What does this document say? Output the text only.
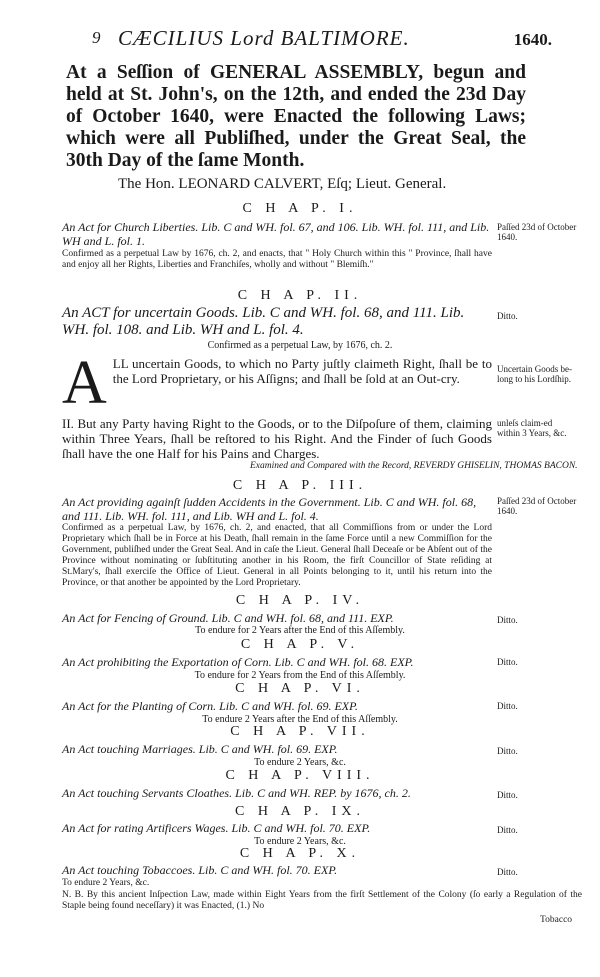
9 CÆCILIUS Lord BALTIMORE.	1640.
At a Seſſion of GENERAL ASSEMBLY, begun and held at St. John's, on the 12th, and ended the 23d Day of October 1640, were Enacted the following Laws; which were all Publiſhed, under the Great Seal, the 30th Day of the ſame Month.
The Hon. LEONARD CALVERT, Eſq; Lieut. General.
C H A P. I.
An Act for Church Liberties. Lib. C and WH. fol. 67, and 106. Lib. WH. fol. 111, and Lib. WH and L. fol. 1.
Paſſed 23d of October 1640.
Confirmed as a perpetual Law by 1676, ch. 2, and enacts, that " Holy Church within this " Province, ſhall have and enjoy all her Rights, Liberties and Franchiſes, wholly and without " Blemiſh."
C H A P. II.
An ACT for uncertain Goods. Lib. C and WH. fol. 68, and 111. Lib. WH. fol. 108. and Lib. WH and L. fol. 4.
Ditto.
Confirmed as a perpetual Law, by 1676, ch. 2.
ALL uncertain Goods, to which no Party juſtly claimeth Right, ſhall be to the Lord Proprietary, or his Aſſigns; and ſhall be ſold at an Out-cry.
Uncertain Goods be-long to his Lordſhip.
II. But any Party having Right to the Goods, or to the Diſpoſure of them, claiming within Three Years, ſhall be reſtored to his Right. And the Finder of ſuch Goods ſhall have the one Half for his Pains and Charges.
unleſs claim-ed within 3 Years, &c.
Examined and Compared with the Record, REVERDY GHISELIN, THOMAS BACON.
C H A P. III.
An Act providing againſt ſudden Accidents in the Government. Lib. C and WH. fol. 68, and 111. Lib. WH. fol. 111, and Lib. WH and L. fol. 4.
Paſſed 23d of October 1640.
Confirmed as a perpetual Law, by 1676, ch. 2, and enacted, that all Commiſſions from or under the Lord Proprietary which ſhall be in Force at his Death, ſhall remain in the ſame Force until a new Commiſſion for the Government, publiſhed under the Great Seal. And in caſe the Lieut. General ſhall Deceaſe or be Abſent out of the Province without nominating or ſubſtituting another in his Room, the firſt Councillor of State reſiding at St.Mary's, ſhall exerciſe the Office of Lieut. General in all Points belonging to it, until his return into the Province, or that another be appointed by the Lord Proprietary.
C H A P. IV.
An Act for Fencing of Ground. Lib. C and WH. fol. 68, and 111. EXP.	Ditto.
To endure for 2 Years after the End of this Aſſembly.
C H A P. V.
An Act prohibiting the Exportation of Corn. Lib. C and WH. fol. 68. EXP.	Ditto.
To endure for 2 Years from the End of this Aſſembly.
C H A P. VI.
An Act for the Planting of Corn. Lib. C and WH. fol. 69. EXP.	Ditto.
To endure 2 Years after the End of this Aſſembly.
C H A P. VII.
An Act touching Marriages. Lib. C and WH. fol. 69. EXP.	Ditto.
To endure 2 Years, &c.
C H A P. VIII.
An Act touching Servants Cloathes. Lib. C and WH. REP. by 1676, ch. 2.	Ditto.
C H A P. IX.
An Act for rating Artificers Wages. Lib. C and WH. fol. 70. EXP.	Ditto.
To endure 2 Years, &c.
C H A P. X.
An Act touching Tobaccoes. Lib. C and WH. fol. 70. EXP.	Ditto.
To endure 2 Years, &c.
N. B. By this ancient Inſpection Law, made within Eight Years from the firſt Settlement of the Colony (ſo early a Regulation of the Staple being found neceſſary) it was Enacted, (1.) No
Tobacco
